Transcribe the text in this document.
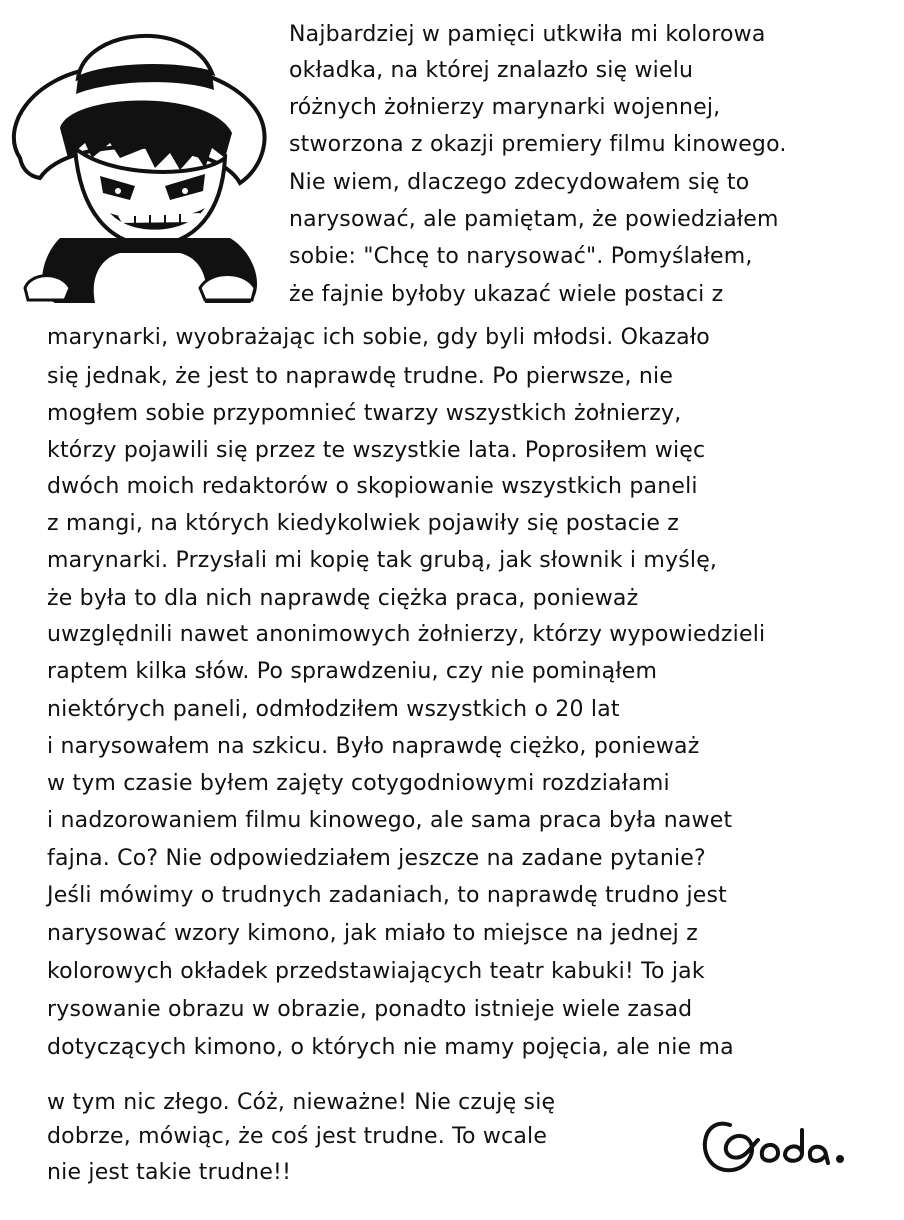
Najbardziej w pamięci utkwiła mi kolorowa
okładka, na której znalazło się wielu
różnych żołnierzy marynarki wojennej,
stworzona z okazji premiery filmu kinowego.
Nie wiem, dlaczego zdecydowałem się to
narysować, ale pamiętam, że powiedziałem
sobie: "Chcę to narysować". Pomyślałem,
że fajnie byłoby ukazać wiele postaci z
marynarki, wyobrażając ich sobie, gdy byli młodsi. Okazało
się jednak, że jest to naprawdę trudne. Po pierwsze, nie
mogłem sobie przypomnieć twarzy wszystkich żołnierzy,
którzy pojawili się przez te wszystkie lata. Poprosiłem więc
dwóch moich redaktorów o skopiowanie wszystkich paneli
z mangi, na których kiedykolwiek pojawiły się postacie z
marynarki. Przysłali mi kopię tak grubą, jak słownik i myślę,
że była to dla nich naprawdę ciężka praca, ponieważ
uwzględnili nawet anonimowych żołnierzy, którzy wypowiedzieli
raptem kilka słów. Po sprawdzeniu, czy nie pominąłem
niektórych paneli, odmłodziłem wszystkich o 20 lat
i narysowałem na szkicu. Było naprawdę ciężko, ponieważ
w tym czasie byłem zajęty cotygodniowymi rozdziałami
i nadzorowaniem filmu kinowego, ale sama praca była nawet
fajna. Co? Nie odpowiedziałem jeszcze na zadane pytanie?
Jeśli mówimy o trudnych zadaniach, to naprawdę trudno jest
narysować wzory kimono, jak miało to miejsce na jednej z
kolorowych okładek przedstawiających teatr kabuki! To jak
rysowanie obrazu w obrazie, ponadto istnieje wiele zasad
dotyczących kimono, o których nie mamy pojęcia, ale nie ma
w tym nic złego. Cóż, nieważne! Nie czuję się
dobrze, mówiąc, że coś jest trudne. To wcale
nie jest takie trudne!!
